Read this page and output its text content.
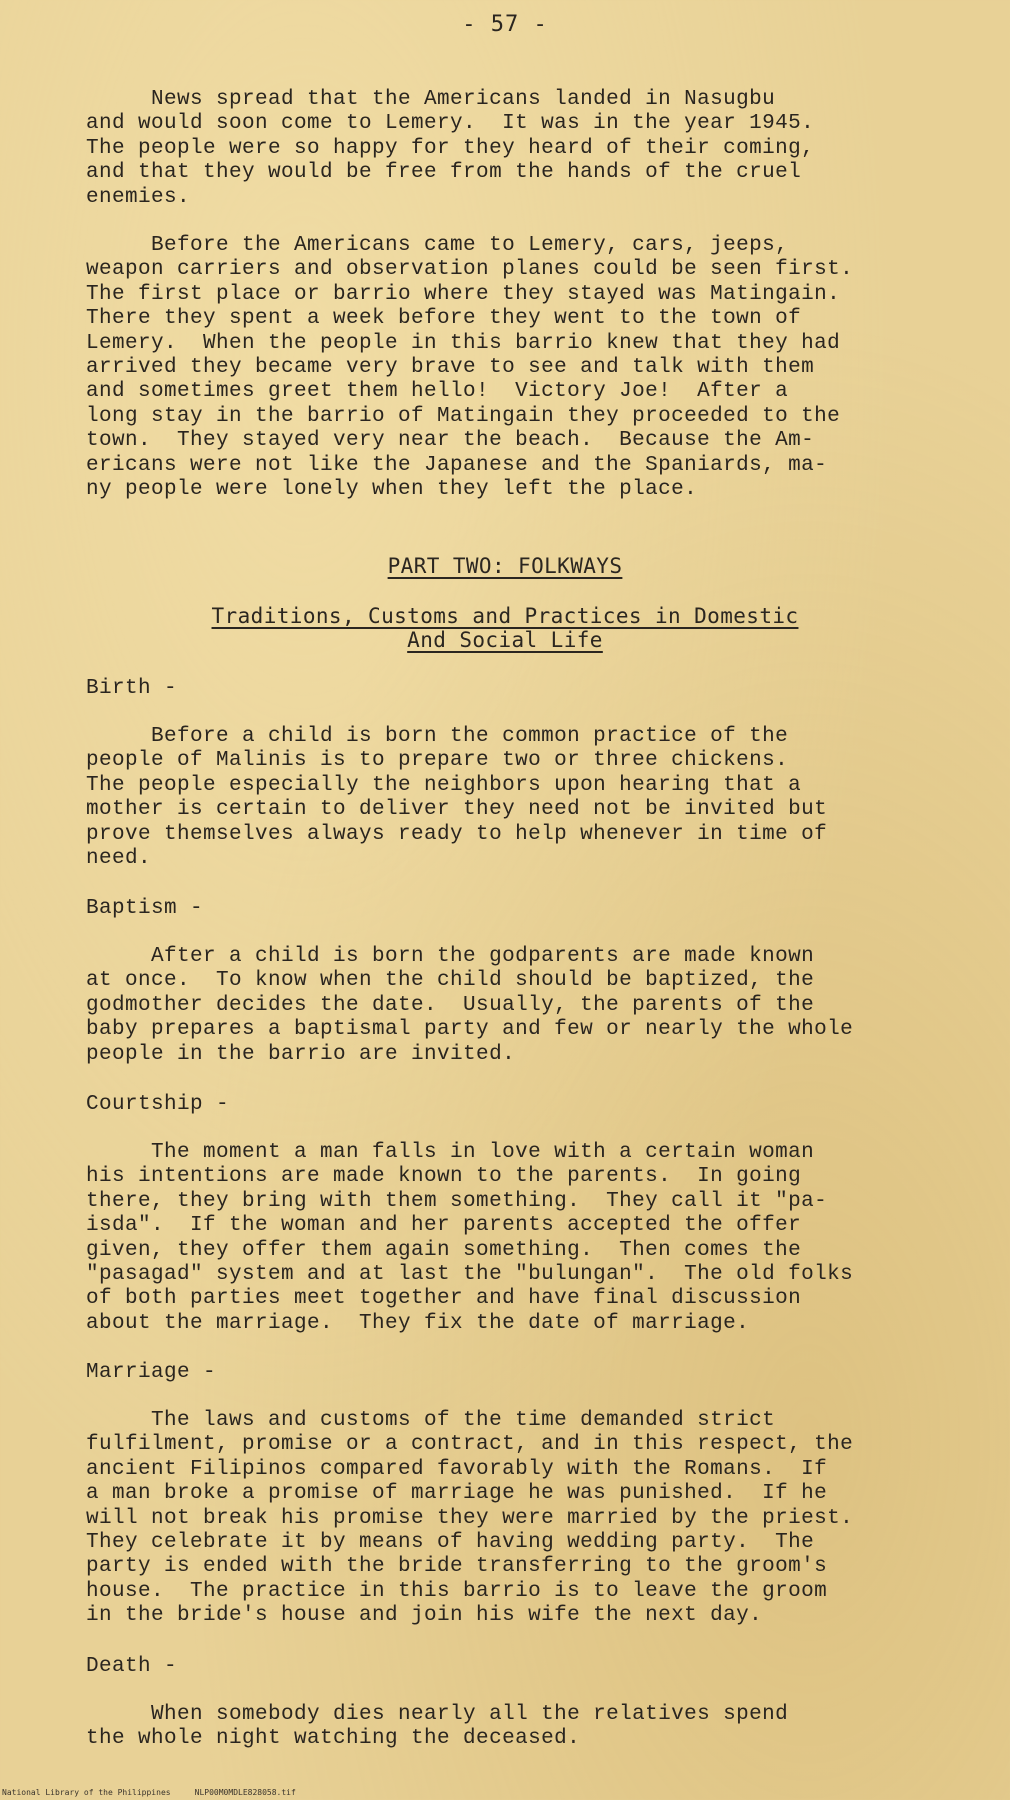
- 57 -
News spread that the Americans landed in Nasugbu
and would soon come to Lemery.  It was in the year 1945.
The people were so happy for they heard of their coming,
and that they would be free from the hands of the cruel
enemies.
Before the Americans came to Lemery, cars, jeeps,
weapon carriers and observation planes could be seen first.
The first place or barrio where they stayed was Matingain.
There they spent a week before they went to the town of
Lemery.  When the people in this barrio knew that they had
arrived they became very brave to see and talk with them
and sometimes greet them hello!  Victory Joe!  After a
long stay in the barrio of Matingain they proceeded to the
town.  They stayed very near the beach.  Because the Am-
ericans were not like the Japanese and the Spaniards, ma-
ny people were lonely when they left the place.
PART TWO: FOLKWAYS
Traditions, Customs and Practices in Domestic
And Social Life
Birth -
Before a child is born the common practice of the
people of Malinis is to prepare two or three chickens.
The people especially the neighbors upon hearing that a
mother is certain to deliver they need not be invited but
prove themselves always ready to help whenever in time of
need.
Baptism -
After a child is born the godparents are made known
at once.  To know when the child should be baptized, the
godmother decides the date.  Usually, the parents of the
baby prepares a baptismal party and few or nearly the whole
people in the barrio are invited.
Courtship -
The moment a man falls in love with a certain woman
his intentions are made known to the parents.  In going
there, they bring with them something.  They call it "pa-
isda".  If the woman and her parents accepted the offer
given, they offer them again something.  Then comes the
"pasagad" system and at last the "bulungan".  The old folks
of both parties meet together and have final discussion
about the marriage.  They fix the date of marriage.
Marriage -
The laws and customs of the time demanded strict
fulfilment, promise or a contract, and in this respect, the
ancient Filipinos compared favorably with the Romans.  If
a man broke a promise of marriage he was punished.  If he
will not break his promise they were married by the priest.
They celebrate it by means of having wedding party.  The
party is ended with the bride transferring to the groom's
house.  The practice in this barrio is to leave the groom
in the bride's house and join his wife the next day.
Death -
When somebody dies nearly all the relatives spend
the whole night watching the deceased.
National Library of the Philippines     NLP00M0MDLE828058.tif
